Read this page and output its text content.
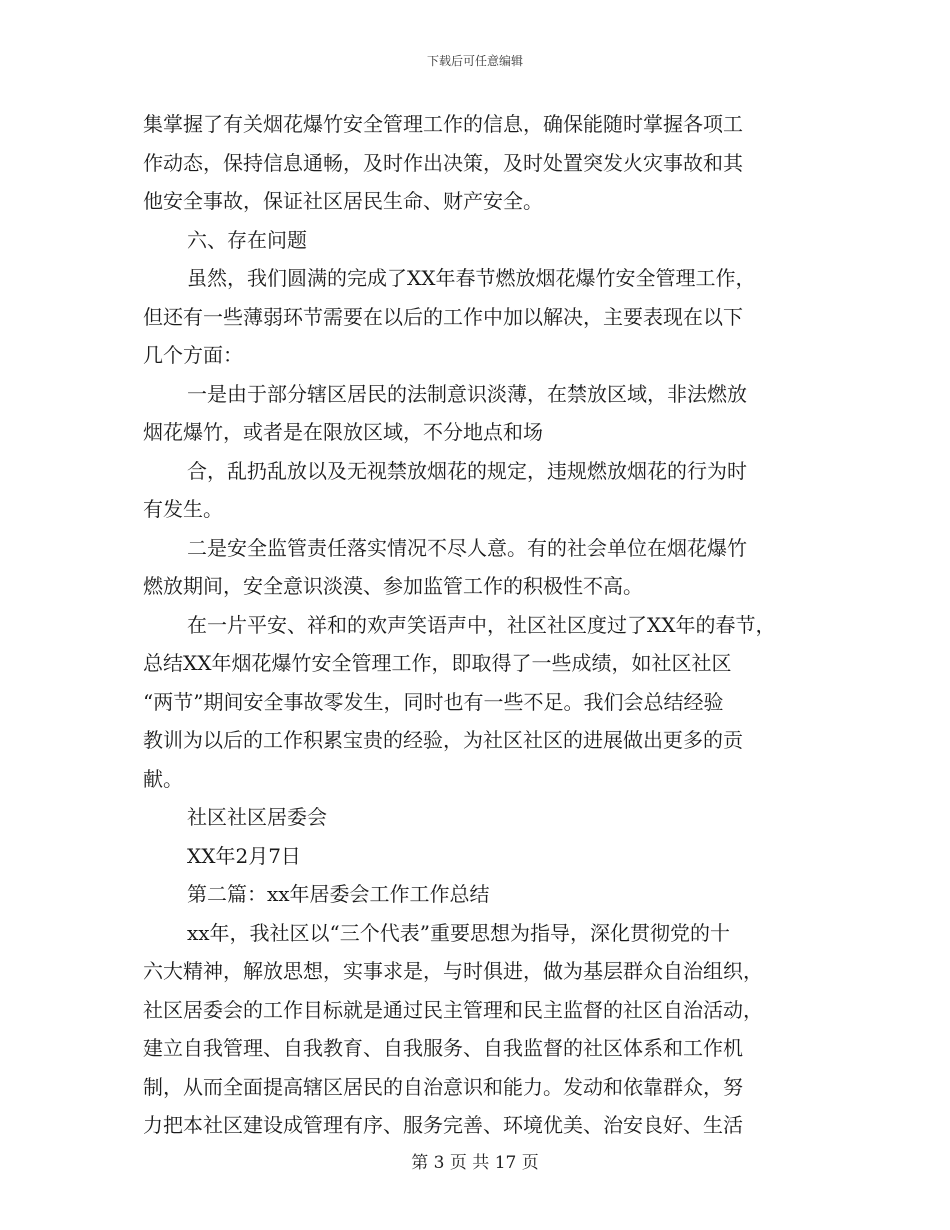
下载后可任意编辑
集掌握了有关烟花爆竹安全管理工作的信息，确保能随时掌握各项工
作动态，保持信息通畅，及时作出决策，及时处置突发火灾事故和其
他安全事故，保证社区居民生命、财产安全。
六、存在问题
虽然，我们圆满的完成了XX年春节燃放烟花爆竹安全管理工作，
但还有一些薄弱环节需要在以后的工作中加以解决，主要表现在以下
几个方面：
一是由于部分辖区居民的法制意识淡薄，在禁放区域，非法燃放
烟花爆竹，或者是在限放区域，不分地点和场
合，乱扔乱放以及无视禁放烟花的规定，违规燃放烟花的行为时
有发生。
二是安全监管责任落实情况不尽人意。有的社会单位在烟花爆竹
燃放期间，安全意识淡漠、参加监管工作的积极性不高。
在一片平安、祥和的欢声笑语声中，社区社区度过了XX年的春节，
总结XX年烟花爆竹安全管理工作，即取得了一些成绩，如社区社区
“两节”期间安全事故零发生，同时也有一些不足。我们会总结经验
教训为以后的工作积累宝贵的经验，为社区社区的进展做出更多的贡
献。
社区社区居委会
XX年2月7日
第二篇：xx年居委会工作工作总结
xx年，我社区以“三个代表”重要思想为指导，深化贯彻党的十
六大精神，解放思想，实事求是，与时俱进，做为基层群众自治组织，
社区居委会的工作目标就是通过民主管理和民主监督的社区自治活动，
建立自我管理、自我教育、自我服务、自我监督的社区体系和工作机
制，从而全面提高辖区居民的自治意识和能力。发动和依靠群众，努
力把本社区建设成管理有序、服务完善、环境优美、治安良好、生活
第 3 页 共 17 页
